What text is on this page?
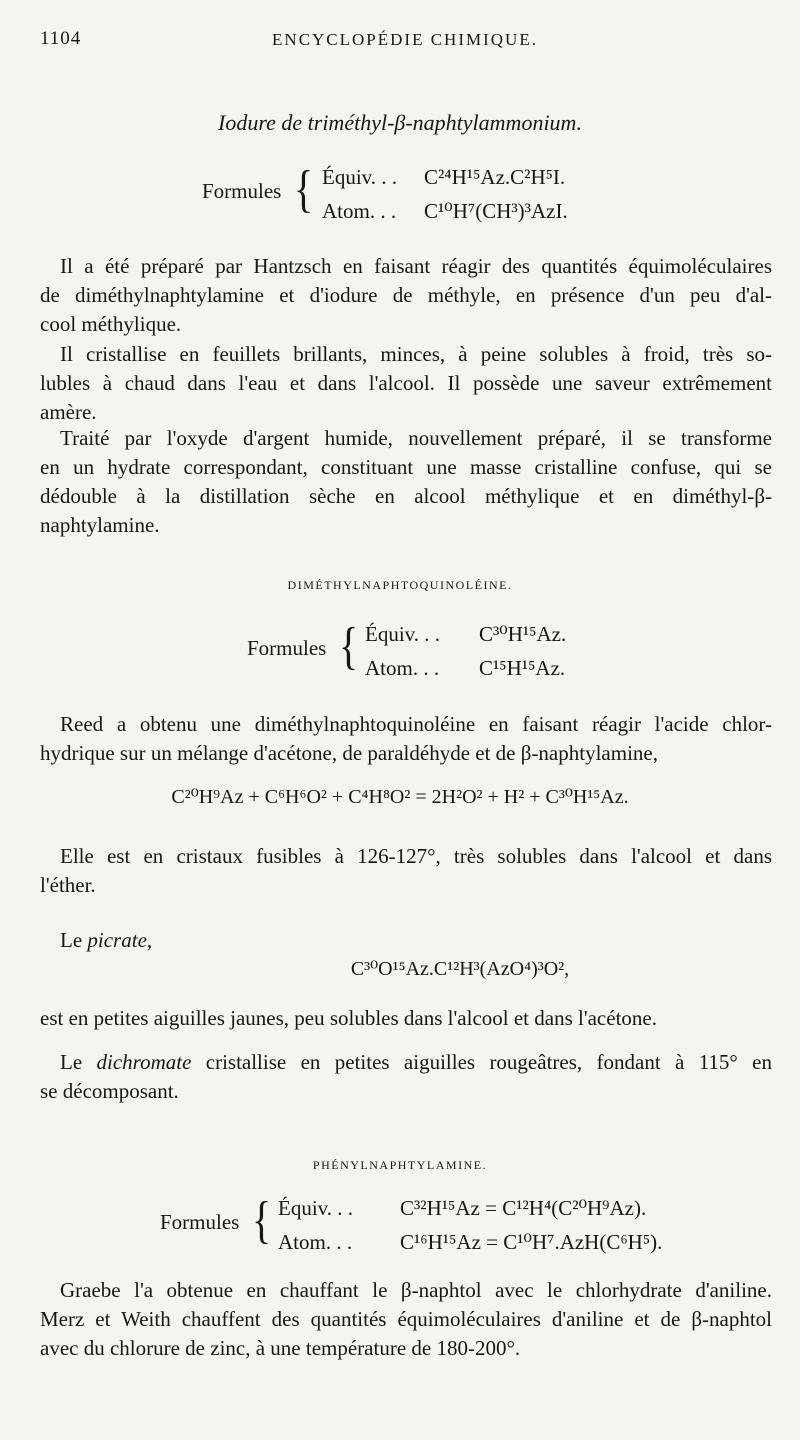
1104	ENCYCLOPÉDIE CHIMIQUE.
Iodure de triméthyl-β-naphtylammonium.
Formules { Équiv. . . C²⁴H¹⁵Az.C²H⁵I.
Atom. . . C¹⁰H⁷(CH³)³AzI.
Il a été préparé par Hantzsch en faisant réagir des quantités équimoléculaires
de diméthylnaphtylamine et d'iodure de méthyle, en présence d'un peu d'al-
cool méthylique.
Il cristallise en feuillets brillants, minces, à peine solubles à froid, très so-
lubles à chaud dans l'eau et dans l'alcool. Il possède une saveur extrêmement
amère.
Traité par l'oxyde d'argent humide, nouvellement préparé, il se transforme
en un hydrate correspondant, constituant une masse cristalline confuse, qui se
dédouble à la distillation sèche en alcool méthylique et en diméthyl-β-
naphtylamine.
DIMÉTHYLNAPHTOQUINOLÉINE.
Formules { Équiv. . . C³⁰H¹⁵Az.
Atom. . . C¹⁵H¹⁵Az.
Reed a obtenu une diméthylnaphtoquinoléine en faisant réagir l'acide chlor-
hydrique sur un mélange d'acétone, de paraldéhyde et de β-naphtylamine,
C²⁰H⁹Az + C⁶H⁶O² + C⁴H⁸O² = 2H²O² + H² + C³⁰H¹⁵Az.
Elle est en cristaux fusibles à 126-127°, très solubles dans l'alcool et dans
l'éther.
Le picrate,
C³⁰O¹⁵Az.C¹²H³(AzO⁴)³O²,
est en petites aiguilles jaunes, peu solubles dans l'alcool et dans l'acétone.
Le dichromate cristallise en petites aiguilles rougeâtres, fondant à 115° en
se décomposant.
PHÉNYLNAPHTYLAMINE.
Formules { Équiv. . . C³²H¹⁵Az = C¹²H⁴(C²⁰H⁹Az).
Atom. . . C¹⁶H¹⁵Az = C¹⁰H⁷.AzH(C⁶H⁵).
Graebe l'a obtenue en chauffant le β-naphtol avec le chlorhydrate d'aniline.
Merz et Weith chauffent des quantités équimoléculaires d'aniline et de β-naphtol
avec du chlorure de zinc, à une température de 180-200°.
